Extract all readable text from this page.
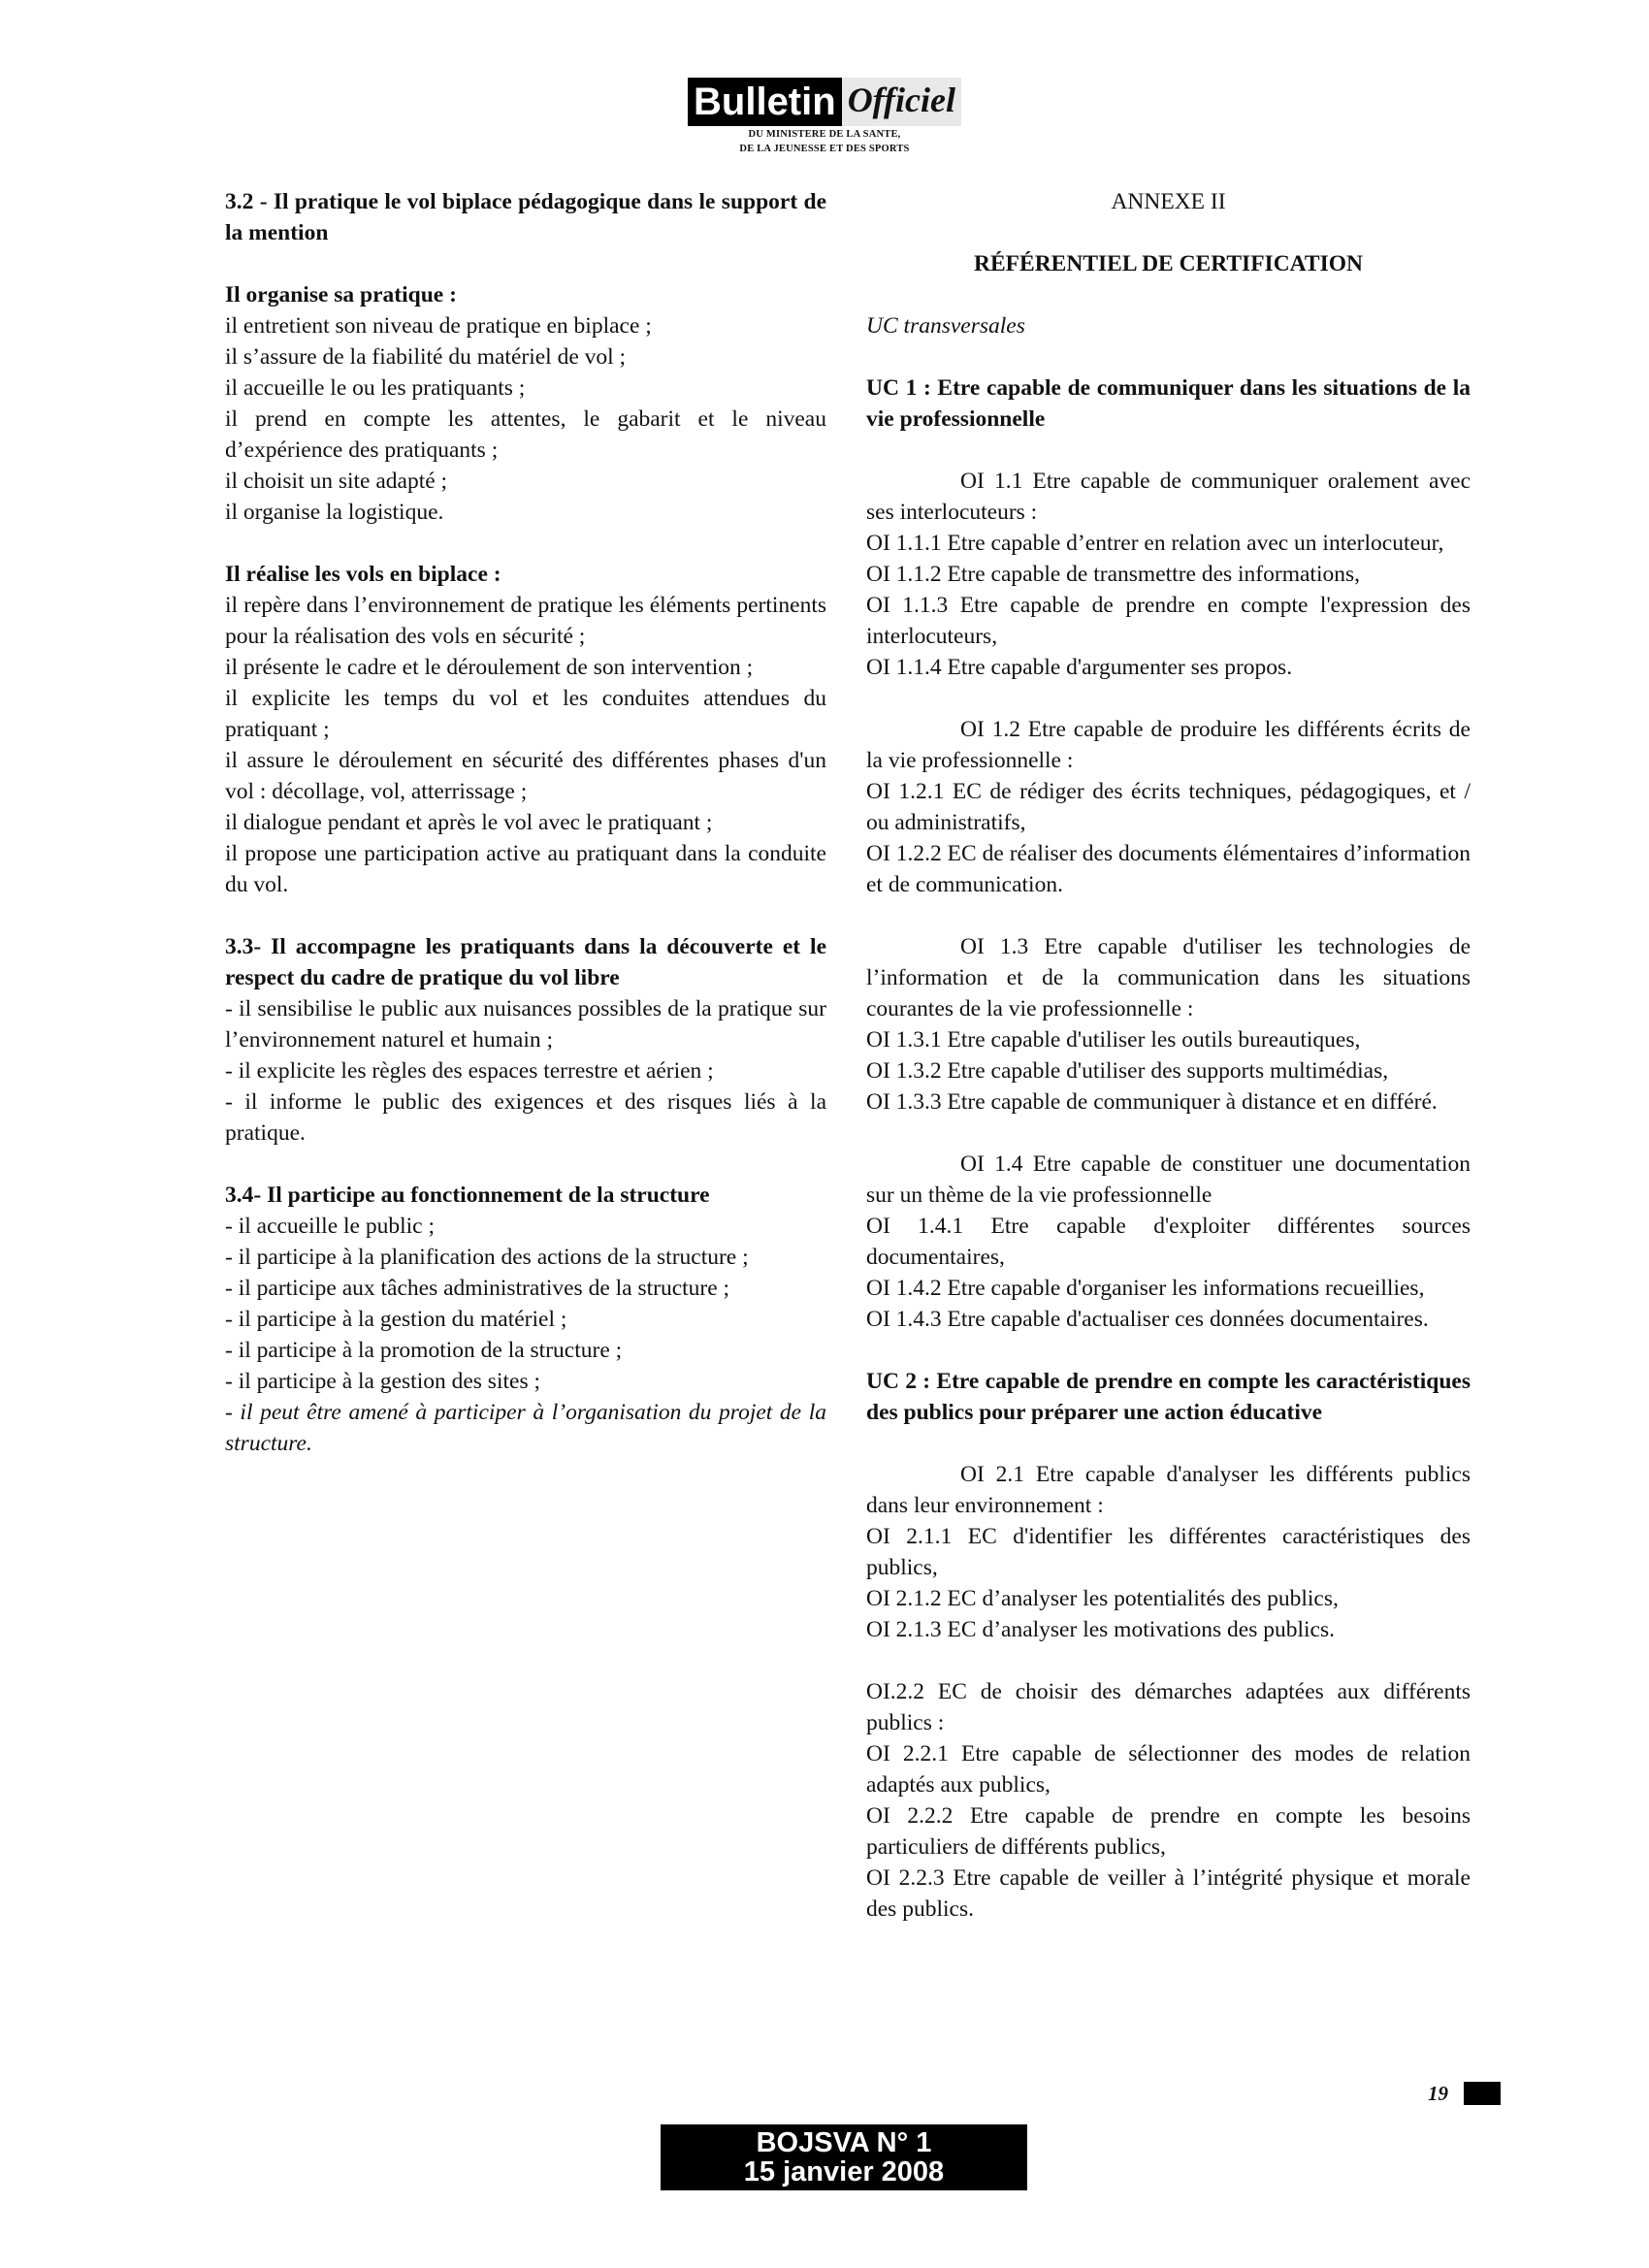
Bulletin Officiel
DU MINISTERE DE LA SANTE,
DE LA JEUNESSE ET DES SPORTS

3.2 - Il pratique le vol biplace pédagogique dans le support de la mention

Il organise sa pratique :

il entretient son niveau de pratique en biplace ;

il s’assure de la fiabilité du matériel de vol ;

il accueille le ou les pratiquants ;

il prend en compte les attentes, le gabarit et le niveau d’expérience des pratiquants ;

il choisit un site adapté ;

il organise la logistique.

Il réalise les vols en biplace :

il repère dans l’environnement de pratique les éléments pertinents pour la réalisation des vols en sécurité ;

il présente le cadre et le déroulement de son intervention ;

il explicite les temps du vol et les conduites attendues du pratiquant ;

il assure le déroulement en sécurité des différentes phases d'un vol : décollage, vol, atterrissage ;

il dialogue pendant et après le vol avec le pratiquant ;

il propose une participation active au pratiquant dans la conduite du vol.

3.3- Il accompagne les pratiquants dans la découverte et le respect du cadre de pratique du vol libre

- il sensibilise le public aux nuisances possibles de la pratique sur l’environnement naturel et humain ;

- il explicite les règles des espaces terrestre et aérien ;

- il informe le public des exigences et des risques liés à la pratique.

3.4- Il participe au fonctionnement de la structure

- il accueille le public ;

- il participe à la planification des actions de la structure ;

- il participe aux tâches administratives de la structure ;

- il participe à la gestion du matériel ;

- il participe à la promotion de la structure ;

- il participe à la gestion des sites ;

- il peut être amené à participer à l’organisation du projet de la structure.

ANNEXE II

RÉFÉRENTIEL DE CERTIFICATION

UC transversales

UC 1 : Etre capable de communiquer dans les situations de la vie professionnelle

OI 1.1 Etre capable de communiquer oralement avec ses interlocuteurs :

OI 1.1.1 Etre capable d’entrer en relation avec un interlocuteur,

OI 1.1.2 Etre capable de transmettre des informations,

OI 1.1.3 Etre capable de prendre en compte l'expression des interlocuteurs,

OI 1.1.4 Etre capable d'argumenter ses propos.

OI 1.2 Etre capable de produire les différents écrits de la vie professionnelle :

OI 1.2.1 EC de rédiger des écrits techniques, pédagogiques, et / ou administratifs,

OI 1.2.2 EC de réaliser des documents élémentaires d’information et de communication.

OI 1.3 Etre capable d'utiliser les technologies de l’information et de la communication dans les situations courantes de la vie professionnelle :

OI 1.3.1 Etre capable d'utiliser les outils bureautiques,

OI 1.3.2 Etre capable d'utiliser des supports multimédias,

OI 1.3.3 Etre capable de communiquer à distance et en différé.

OI 1.4 Etre capable de constituer une documentation sur un thème de la vie professionnelle

OI 1.4.1 Etre capable d'exploiter différentes sources documentaires,

OI 1.4.2 Etre capable d'organiser les informations recueillies,

OI 1.4.3 Etre capable d'actualiser ces données documentaires.

UC 2 : Etre capable de prendre en compte les caractéristiques des publics pour préparer une action éducative

OI 2.1 Etre capable d'analyser les différents publics dans leur environnement :

OI 2.1.1 EC d'identifier les différentes caractéristiques des publics,

OI 2.1.2 EC d’analyser les potentialités des publics,

OI 2.1.3 EC d’analyser les motivations des publics.

OI.2.2 EC de choisir des démarches adaptées aux différents publics :

OI 2.2.1 Etre capable de sélectionner des modes de relation adaptés aux publics,

OI 2.2.2 Etre capable de prendre en compte les besoins particuliers de différents publics,

OI 2.2.3 Etre capable de veiller à l’intégrité physique et morale des publics.

BOJSVA N° 1
15 janvier 2008
19
